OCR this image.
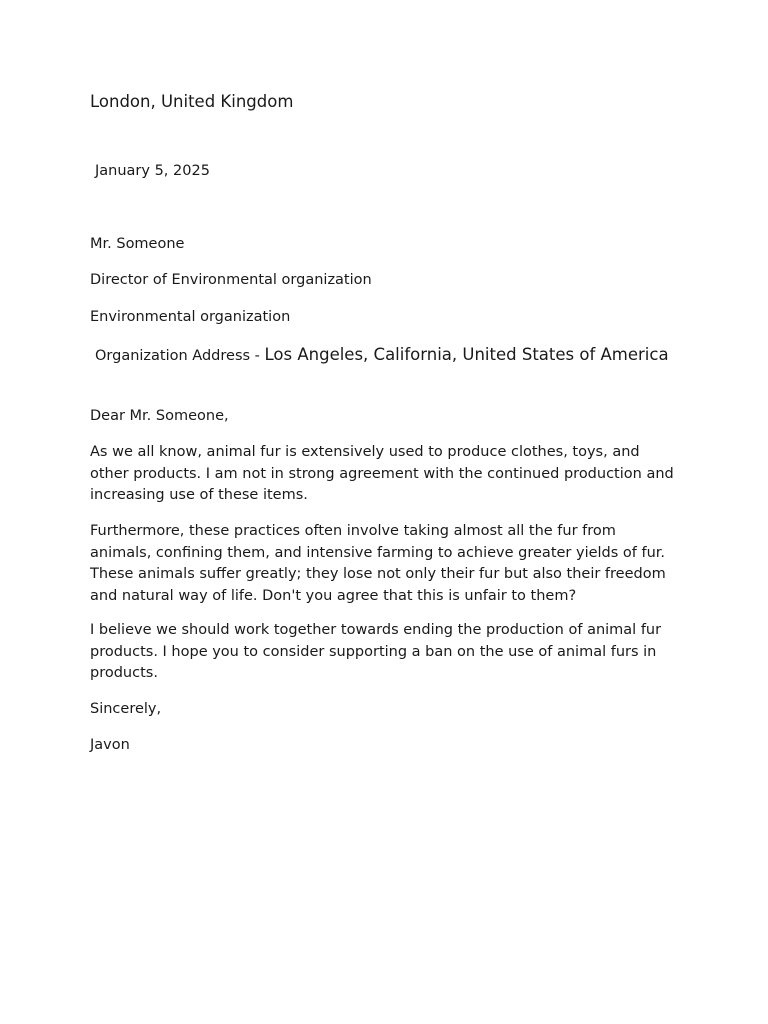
London, United Kingdom

January 5, 2025

Mr. Someone

Director of Environmental organization

Environmental organization

Organization Address - Los Angeles, California, United States of America

Dear Mr. Someone,

As we all know, animal fur is extensively used to produce clothes, toys, and other products. I am not in strong agreement with the continued production and increasing use of these items.

Furthermore, these practices often involve taking almost all the fur from animals, confining them, and intensive farming to achieve greater yields of fur. These animals suffer greatly; they lose not only their fur but also their freedom and natural way of life. Don't you agree that this is unfair to them?

I believe we should work together towards ending the production of animal fur products. I hope you to consider supporting a ban on the use of animal furs in products.

Sincerely,

Javon
